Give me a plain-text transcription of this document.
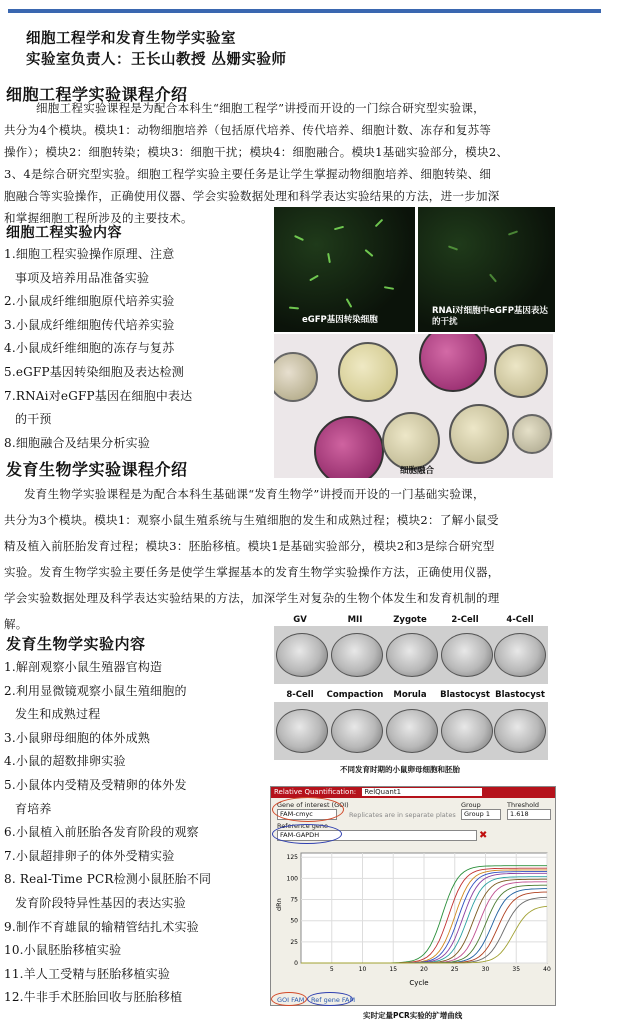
细胞工程学和发育生物学实验室
实验室负责人：王长山教授 丛姗实验师
细胞工程学实验课程介绍
细胞工程实验课程是为配合本科生“细胞工程学”讲授而开设的一门综合研究型实验课，
共分为4个模块。模块1：动物细胞培养（包括原代培养、传代培养、细胞计数、冻存和复苏等
操作）；模块2：细胞转染；模块3：细胞干扰；模块4：细胞融合。模块1基础实验部分，模块2、
3、4是综合研究型实验。细胞工程学实验主要任务是让学生掌握动物细胞培养、细胞转染、细
胞融合等实验操作，正确使用仪器、学会实验数据处理和科学表达实验结果的方法，进一步加深
和掌握细胞工程所涉及的主要技术。
细胞工程实验内容
1.细胞工程实验操作原理、注意
事项及培养用品准备实验
2.小鼠成纤维细胞原代培养实验
3.小鼠成纤维细胞传代培养实验
4.小鼠成纤维细胞的冻存与复苏
5.eGFP基因转染细胞及表达检测
7.RNAi对eGFP基因在细胞中表达
的干预
8.细胞融合及结果分析实验
eGFP基因转染细胞
RNAi对细胞中eGFP基因表达的干扰
细胞融合
发育生物学实验课程介绍
发育生物学实验课程是为配合本科生基础课“发育生物学”讲授而开设的一门基础实验课，
共分为3个模块。模块1：观察小鼠生殖系统与生殖细胞的发生和成熟过程；模块2：了解小鼠受
精及植入前胚胎发育过程；模块3：胚胎移植。模块1是基础实验部分，模块2和3是综合研究型
实验。发育生物学实验主要任务是使学生掌握基本的发育生物学实验操作方法，正确使用仪器，
学会实验数据处理及科学表达实验结果的方法，加深学生对复杂的生物个体发生和发育机制的理
解。
发育生物学实验内容
1.解剖观察小鼠生殖器官构造
2.利用显微镜观察小鼠生殖细胞的
发生和成熟过程
3.小鼠卵母细胞的体外成熟
4.小鼠的超数排卵实验
5.小鼠体内受精及受精卵的体外发
育培养
6.小鼠植入前胚胎各发育阶段的观察
7.小鼠超排卵子的体外受精实验
8. Real-Time PCR检测小鼠胚胎不同
发育阶段特异性基因的表达实验
9.制作不育雄鼠的输精管结扎术实验
10.小鼠胚胎移植实验
11.羊人工受精与胚胎移植实验
12.牛非手术胚胎回收与胚胎移植
GV	MII	Zygote	2-Cell	4-Cell
8-Cell	Compaction	Morula	Blastocyst Blastocyst
不同发育时期的小鼠卵母细胞和胚胎
Relative Quantification: RelQuant1
Gene of interest (GOI)
FAM-cmyc	Replicates are in separate plates
Group
Group 1
Threshold
1.618
Reference gene
FAM-GAPDH	✖
5	10	15	20	25	30	35	40
0
25
50
75
100
125
dRn
Cycle
GOI FAM Ref gene FAM
实时定量PCR实验的扩增曲线
